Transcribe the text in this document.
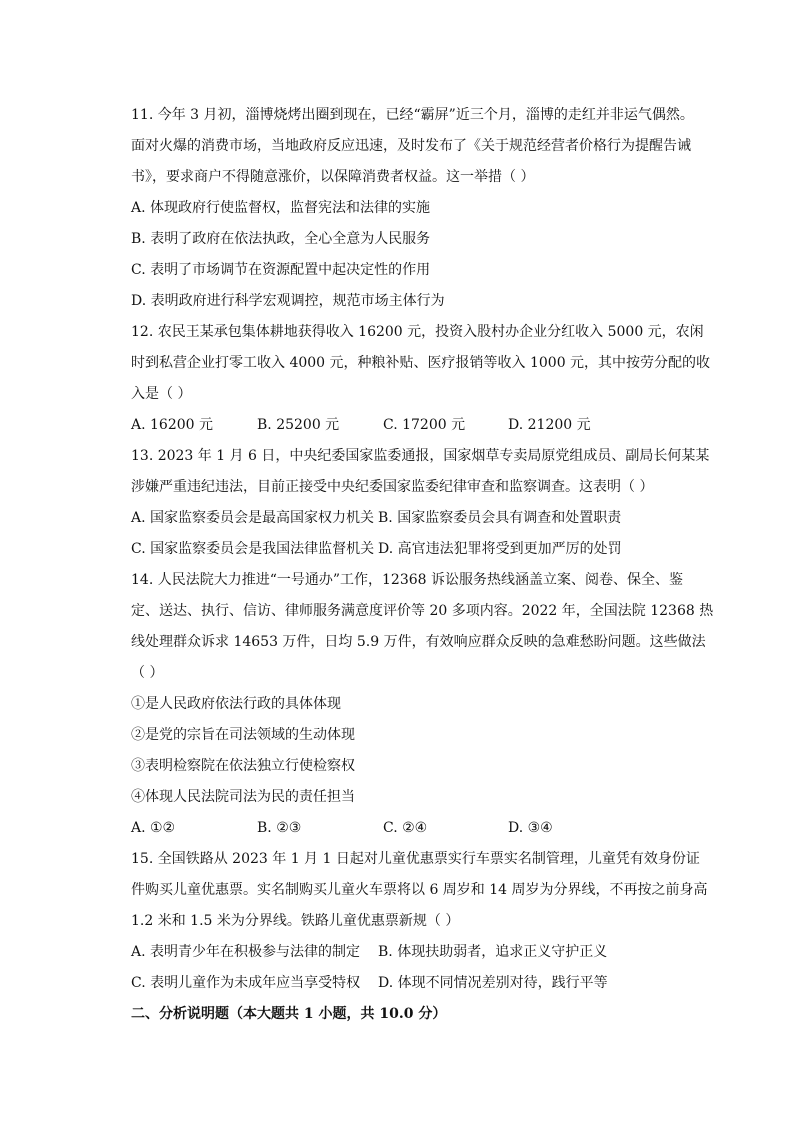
11. 今年 3 月初，淄博烧烤出圈到现在，已经“霸屏”近三个月，淄博的走红并非运气偶然。
面对火爆的消费市场，当地政府反应迅速，及时发布了《关于规范经营者价格行为提醒告诫
书》，要求商户不得随意涨价，以保障消费者权益。这一举措（ ）
A. 体现政府行使监督权，监督宪法和法律的实施
B. 表明了政府在依法执政，全心全意为人民服务
C. 表明了市场调节在资源配置中起决定性的作用
D. 表明政府进行科学宏观调控，规范市场主体行为
12. 农民王某承包集体耕地获得收入 16200 元，投资入股村办企业分红收入 5000 元，农闲
时到私营企业打零工收入 4000 元，种粮补贴、医疗报销等收入 1000 元，其中按劳分配的收
入是（ ）
A. 16200 元	B. 25200 元	C. 17200 元	D. 21200 元
13. 2023 年 1 月 6 日，中央纪委国家监委通报，国家烟草专卖局原党组成员、副局长何某某
涉嫌严重违纪违法，目前正接受中央纪委国家监委纪律审查和监察调查。这表明（ ）
A. 国家监察委员会是最高国家权力机关 B. 国家监察委员会具有调查和处置职责
C. 国家监察委员会是我国法律监督机关 D. 高官违法犯罪将受到更加严厉的处罚
14. 人民法院大力推进“一号通办”工作，12368 诉讼服务热线涵盖立案、阅卷、保全、鉴
定、送达、执行、信访、律师服务满意度评价等 20 多项内容。2022 年，全国法院 12368 热
线处理群众诉求 14653 万件，日均 5.9 万件，有效响应群众反映的急难愁盼问题。这些做法
（ ）
①是人民政府依法行政的具体体现
②是党的宗旨在司法领域的生动体现
③表明检察院在依法独立行使检察权
④体现人民法院司法为民的责任担当
A. ①②	B. ②③	C. ②④	D. ③④
15. 全国铁路从 2023 年 1 月 1 日起对儿童优惠票实行车票实名制管理，儿童凭有效身份证
件购买儿童优惠票。实名制购买儿童火车票将以 6 周岁和 14 周岁为分界线，不再按之前身高
1.2 米和 1.5 米为分界线。铁路儿童优惠票新规（ ）
A. 表明青少年在积极参与法律的制定 B. 体现扶助弱者，追求正义守护正义
C. 表明儿童作为未成年应当享受特权 D. 体现不同情况差别对待，践行平等
二、分析说明题（本大题共 1 小题，共 10.0 分）
